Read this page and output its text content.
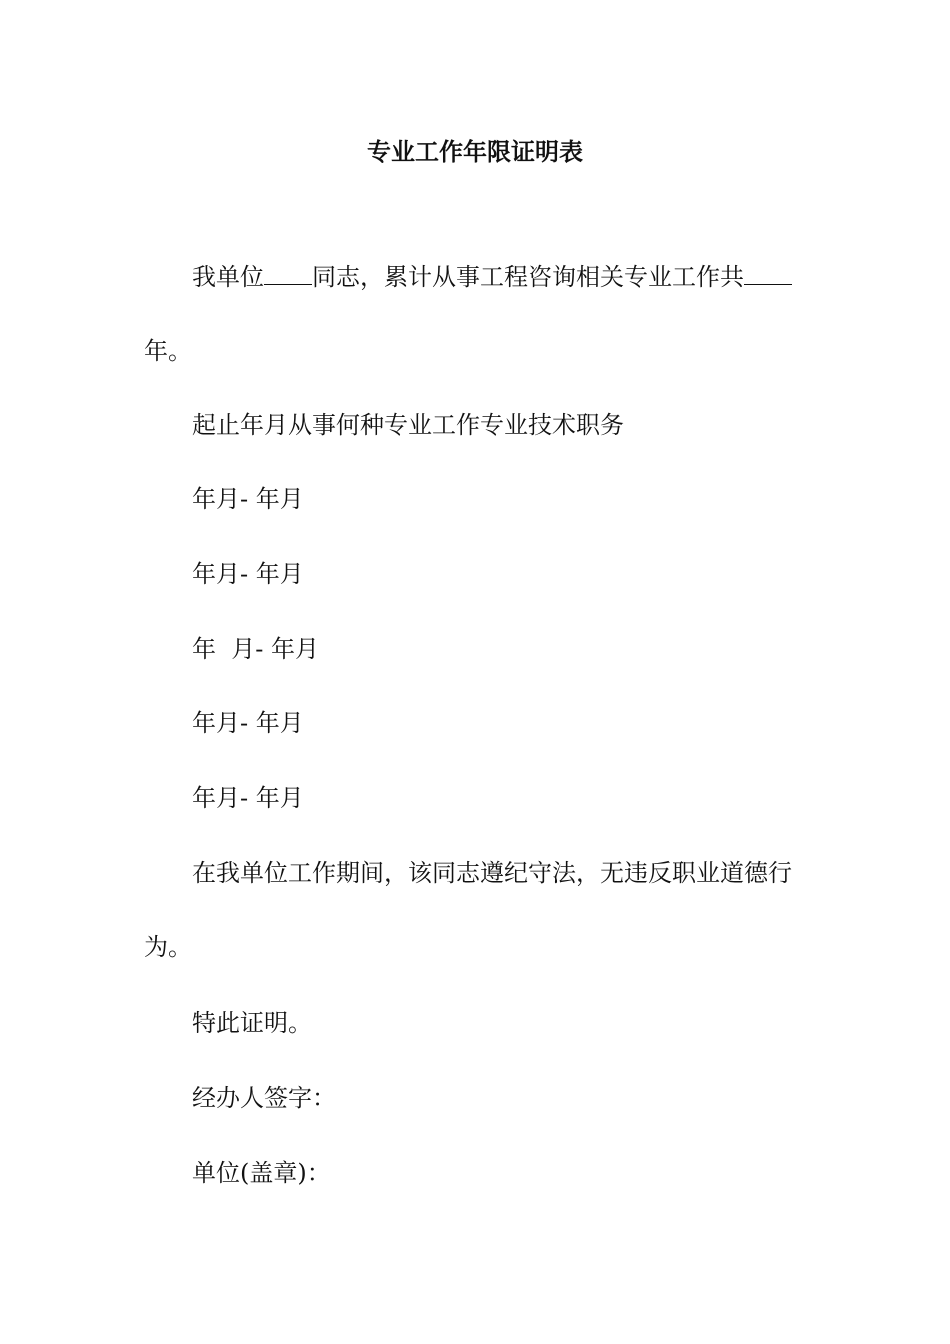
专业工作年限证明表

我单位 同志，累计从事工程咨询相关专业工作共

年。

起止年月从事何种专业工作专业技术职务

年月- 年月

年月- 年月

年  月- 年月

年月- 年月

年月- 年月

在我单位工作期间，该同志遵纪守法，无违反职业道德行

为。

特此证明。

经办人签字：

单位(盖章)：
